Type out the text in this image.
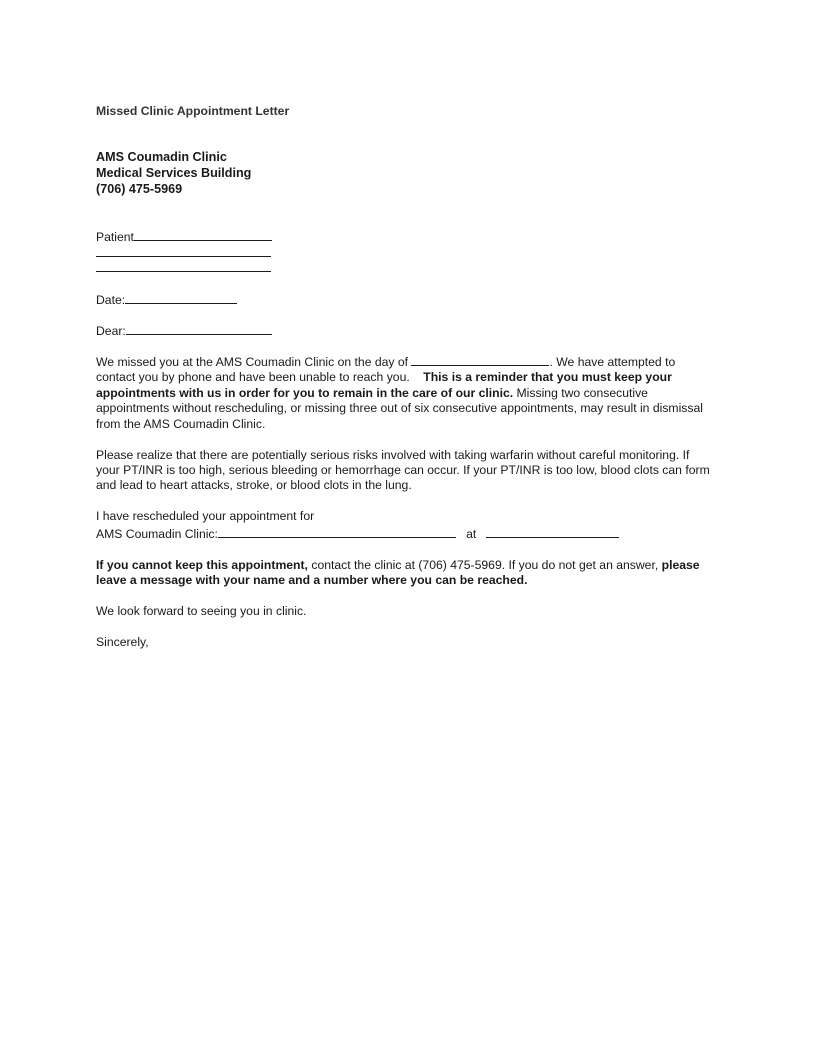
Missed Clinic Appointment Letter
AMS Coumadin Clinic
Medical Services Building
(706) 475-5969
Patient
Date:
Dear:

We missed you at the AMS Coumadin Clinic on the day of	. We have attempted to contact you by phone and have been unable to reach you. This is a reminder that you must keep your appointments with us in order for you to remain in the care of our clinic. Missing two consecutive appointments without rescheduling, or missing three out of six consecutive appointments, may result in dismissal from the AMS Coumadin Clinic.

Please realize that there are potentially serious risks involved with taking warfarin without careful monitoring. If your PT/INR is too high, serious bleeding or hemorrhage can occur. If your PT/INR is too low, blood clots can form and lead to heart attacks, stroke, or blood clots in the lung.

I have rescheduled your appointment for
AMS Coumadin Clinic:	at

If you cannot keep this appointment, contact the clinic at (706) 475-5969. If you do not get an answer, please leave a message with your name and a number where you can be reached.

We look forward to seeing you in clinic.

Sincerely,
